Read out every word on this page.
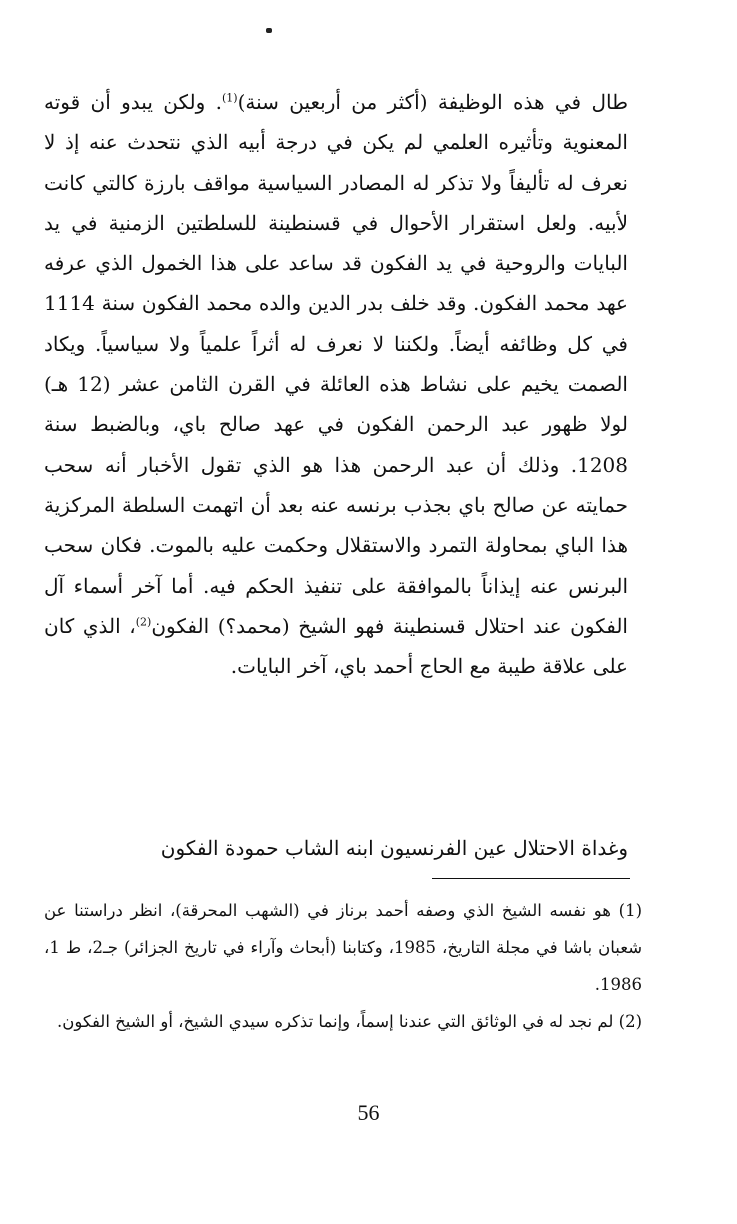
طال في هذه الوظيفة (أكثر من أربعين سنة)$^{(1)}$. ولكن يبدو أن قوته المعنوية وتأثيره العلمي لم يكن في درجة أبيه الذي نتحدث عنه إذ لا نعرف له تأليفاً ولا تذكر له المصادر السياسية مواقف بارزة كالتي كانت لأبيه. ولعل استقرار الأحوال في قسنطينة للسلطتين الزمنية في يد البايات والروحية في يد الفكون قد ساعد على هذا الخمول الذي عرفه عهد محمد الفكون. وقد خلف بدر الدين والده محمد الفكون سنة 1114 في كل وظائفه أيضاً. ولكننا لا نعرف له أثراً علمياً ولا سياسياً. ويكاد الصمت يخيم على نشاط هذه العائلة في القرن الثامن عشر (12 هـ) لولا ظهور عبد الرحمن الفكون في عهد صالح باي، وبالضبط سنة 1208. وذلك أن عبد الرحمن هذا هو الذي تقول الأخبار أنه سحب حمايته عن صالح باي بجذب برنسه عنه بعد أن اتهمت السلطة المركزية هذا الباي بمحاولة التمرد والاستقلال وحكمت عليه بالموت. فكان سحب البرنس عنه إيذاناً بالموافقة على تنفيذ الحكم فيه. أما آخر أسماء آل الفكون عند احتلال قسنطينة فهو الشيخ (محمد؟) الفكون$^{(2)}$، الذي كان على علاقة طيبة مع الحاج أحمد باي، آخر البايات.

وغداة الاحتلال عين الفرنسيون ابنه الشاب حمودة الفكون

(1) هو نفسه الشيخ الذي وصفه أحمد برناز في (الشهب المحرقة)، انظر دراستنا عن شعبان باشا في مجلة التاريخ، 1985، وكتابنا (أبحاث وآراء في تاريخ الجزائر) جـ2، ط 1، 1986.

(2) لم نجد له في الوثائق التي عندنا إسماً، وإنما تذكره سيدي الشيخ، أو الشيخ الفكون.

56
